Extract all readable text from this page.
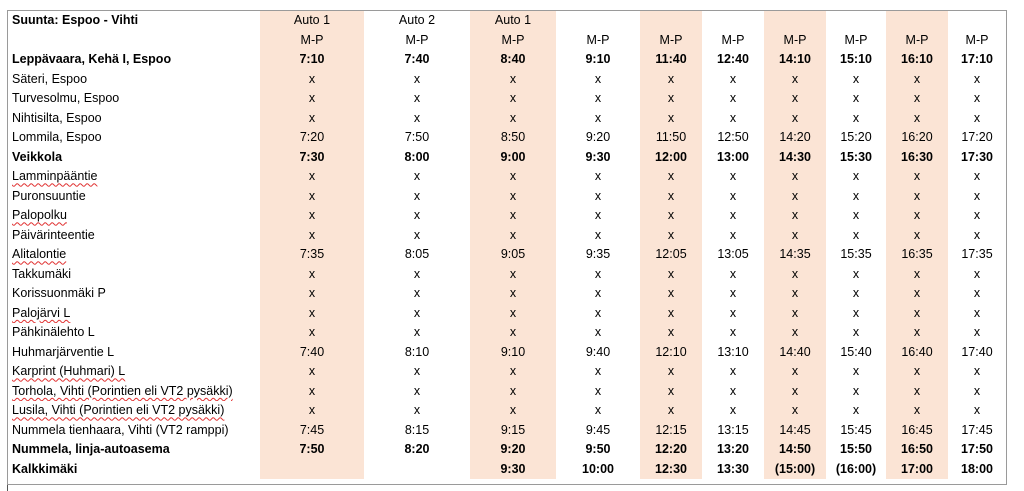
Suunta: Espoo - Vihti	Auto 1	Auto 2	Auto 1							
	M-P	M-P	M-P	M-P	M-P	M-P	M-P	M-P	M-P	M-P
Leppävaara, Kehä I, Espoo	7:10	7:40	8:40	9:10	11:40	12:40	14:10	15:10	16:10	17:10
Säteri, Espoo	x	x	x	x	x	x	x	x	x	x
Turvesolmu, Espoo	x	x	x	x	x	x	x	x	x	x
Nihtisilta, Espoo	x	x	x	x	x	x	x	x	x	x
Lommila, Espoo	7:20	7:50	8:50	9:20	11:50	12:50	14:20	15:20	16:20	17:20
Veikkola	7:30	8:00	9:00	9:30	12:00	13:00	14:30	15:30	16:30	17:30
Lamminpääntie	x	x	x	x	x	x	x	x	x	x
Puronsuuntie	x	x	x	x	x	x	x	x	x	x
Palopolku	x	x	x	x	x	x	x	x	x	x
Päivärinteentie	x	x	x	x	x	x	x	x	x	x
Alitalontie	7:35	8:05	9:05	9:35	12:05	13:05	14:35	15:35	16:35	17:35
Takkumäki	x	x	x	x	x	x	x	x	x	x
Korissuonmäki P	x	x	x	x	x	x	x	x	x	x
Palojärvi L	x	x	x	x	x	x	x	x	x	x
Pähkinälehto L	x	x	x	x	x	x	x	x	x	x
Huhmarjärventie L	7:40	8:10	9:10	9:40	12:10	13:10	14:40	15:40	16:40	17:40
Karprint (Huhmari) L	x	x	x	x	x	x	x	x	x	x
Torhola, Vihti (Porintien eli VT2 pysäkki)	x	x	x	x	x	x	x	x	x	x
Lusila, Vihti (Porintien eli VT2 pysäkki)	x	x	x	x	x	x	x	x	x	x
Nummela tienhaara, Vihti (VT2 ramppi)	7:45	8:15	9:15	9:45	12:15	13:15	14:45	15:45	16:45	17:45
Nummela, linja-autoasema	7:50	8:20	9:20	9:50	12:20	13:20	14:50	15:50	16:50	17:50
Kalkkimäki			9:30	10:00	12:30	13:30	(15:00)	(16:00)	17:00	18:00
